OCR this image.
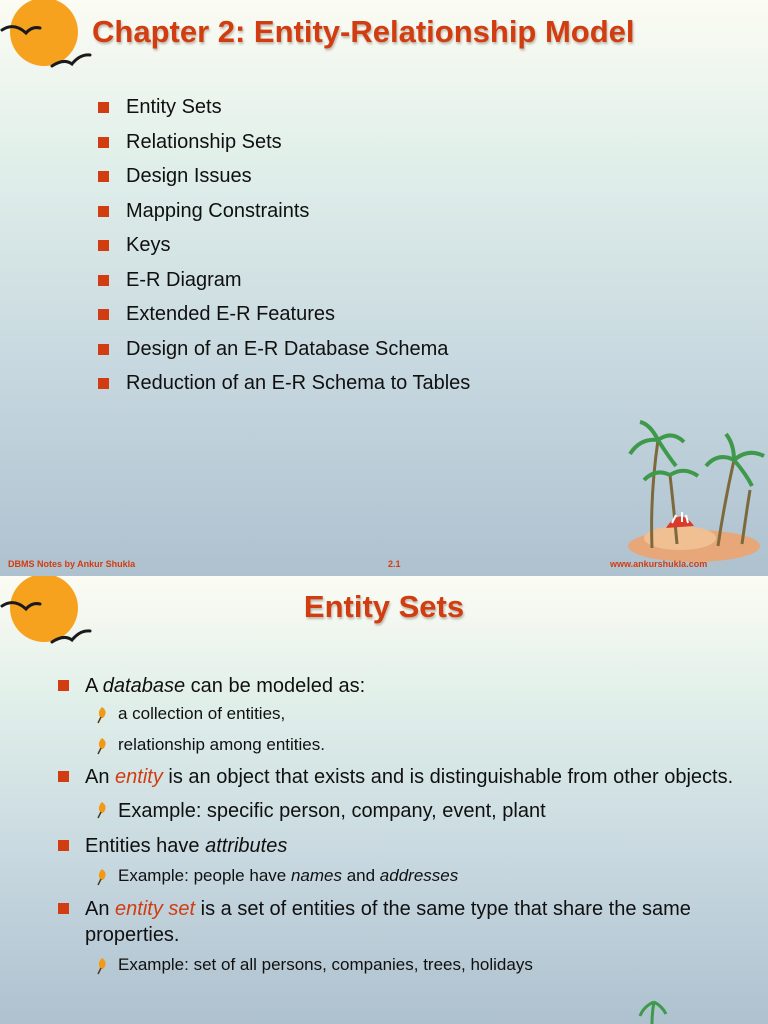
Chapter 2: Entity-Relationship Model
Entity Sets
Relationship Sets
Design Issues
Mapping Constraints
Keys
E-R Diagram
Extended E-R Features
Design of an E-R Database Schema
Reduction of an E-R Schema to Tables
DBMS Notes by Ankur Shukla	2.1	www.ankurshukla.com
Entity Sets
A database can be modeled as:
a collection of entities,
relationship among entities.
An entity is an object that exists and is distinguishable from other objects.
Example: specific person, company, event, plant
Entities have attributes
Example: people have names and addresses
An entity set is a set of entities of the same type that share the same properties.
Example: set of all persons, companies, trees, holidays
